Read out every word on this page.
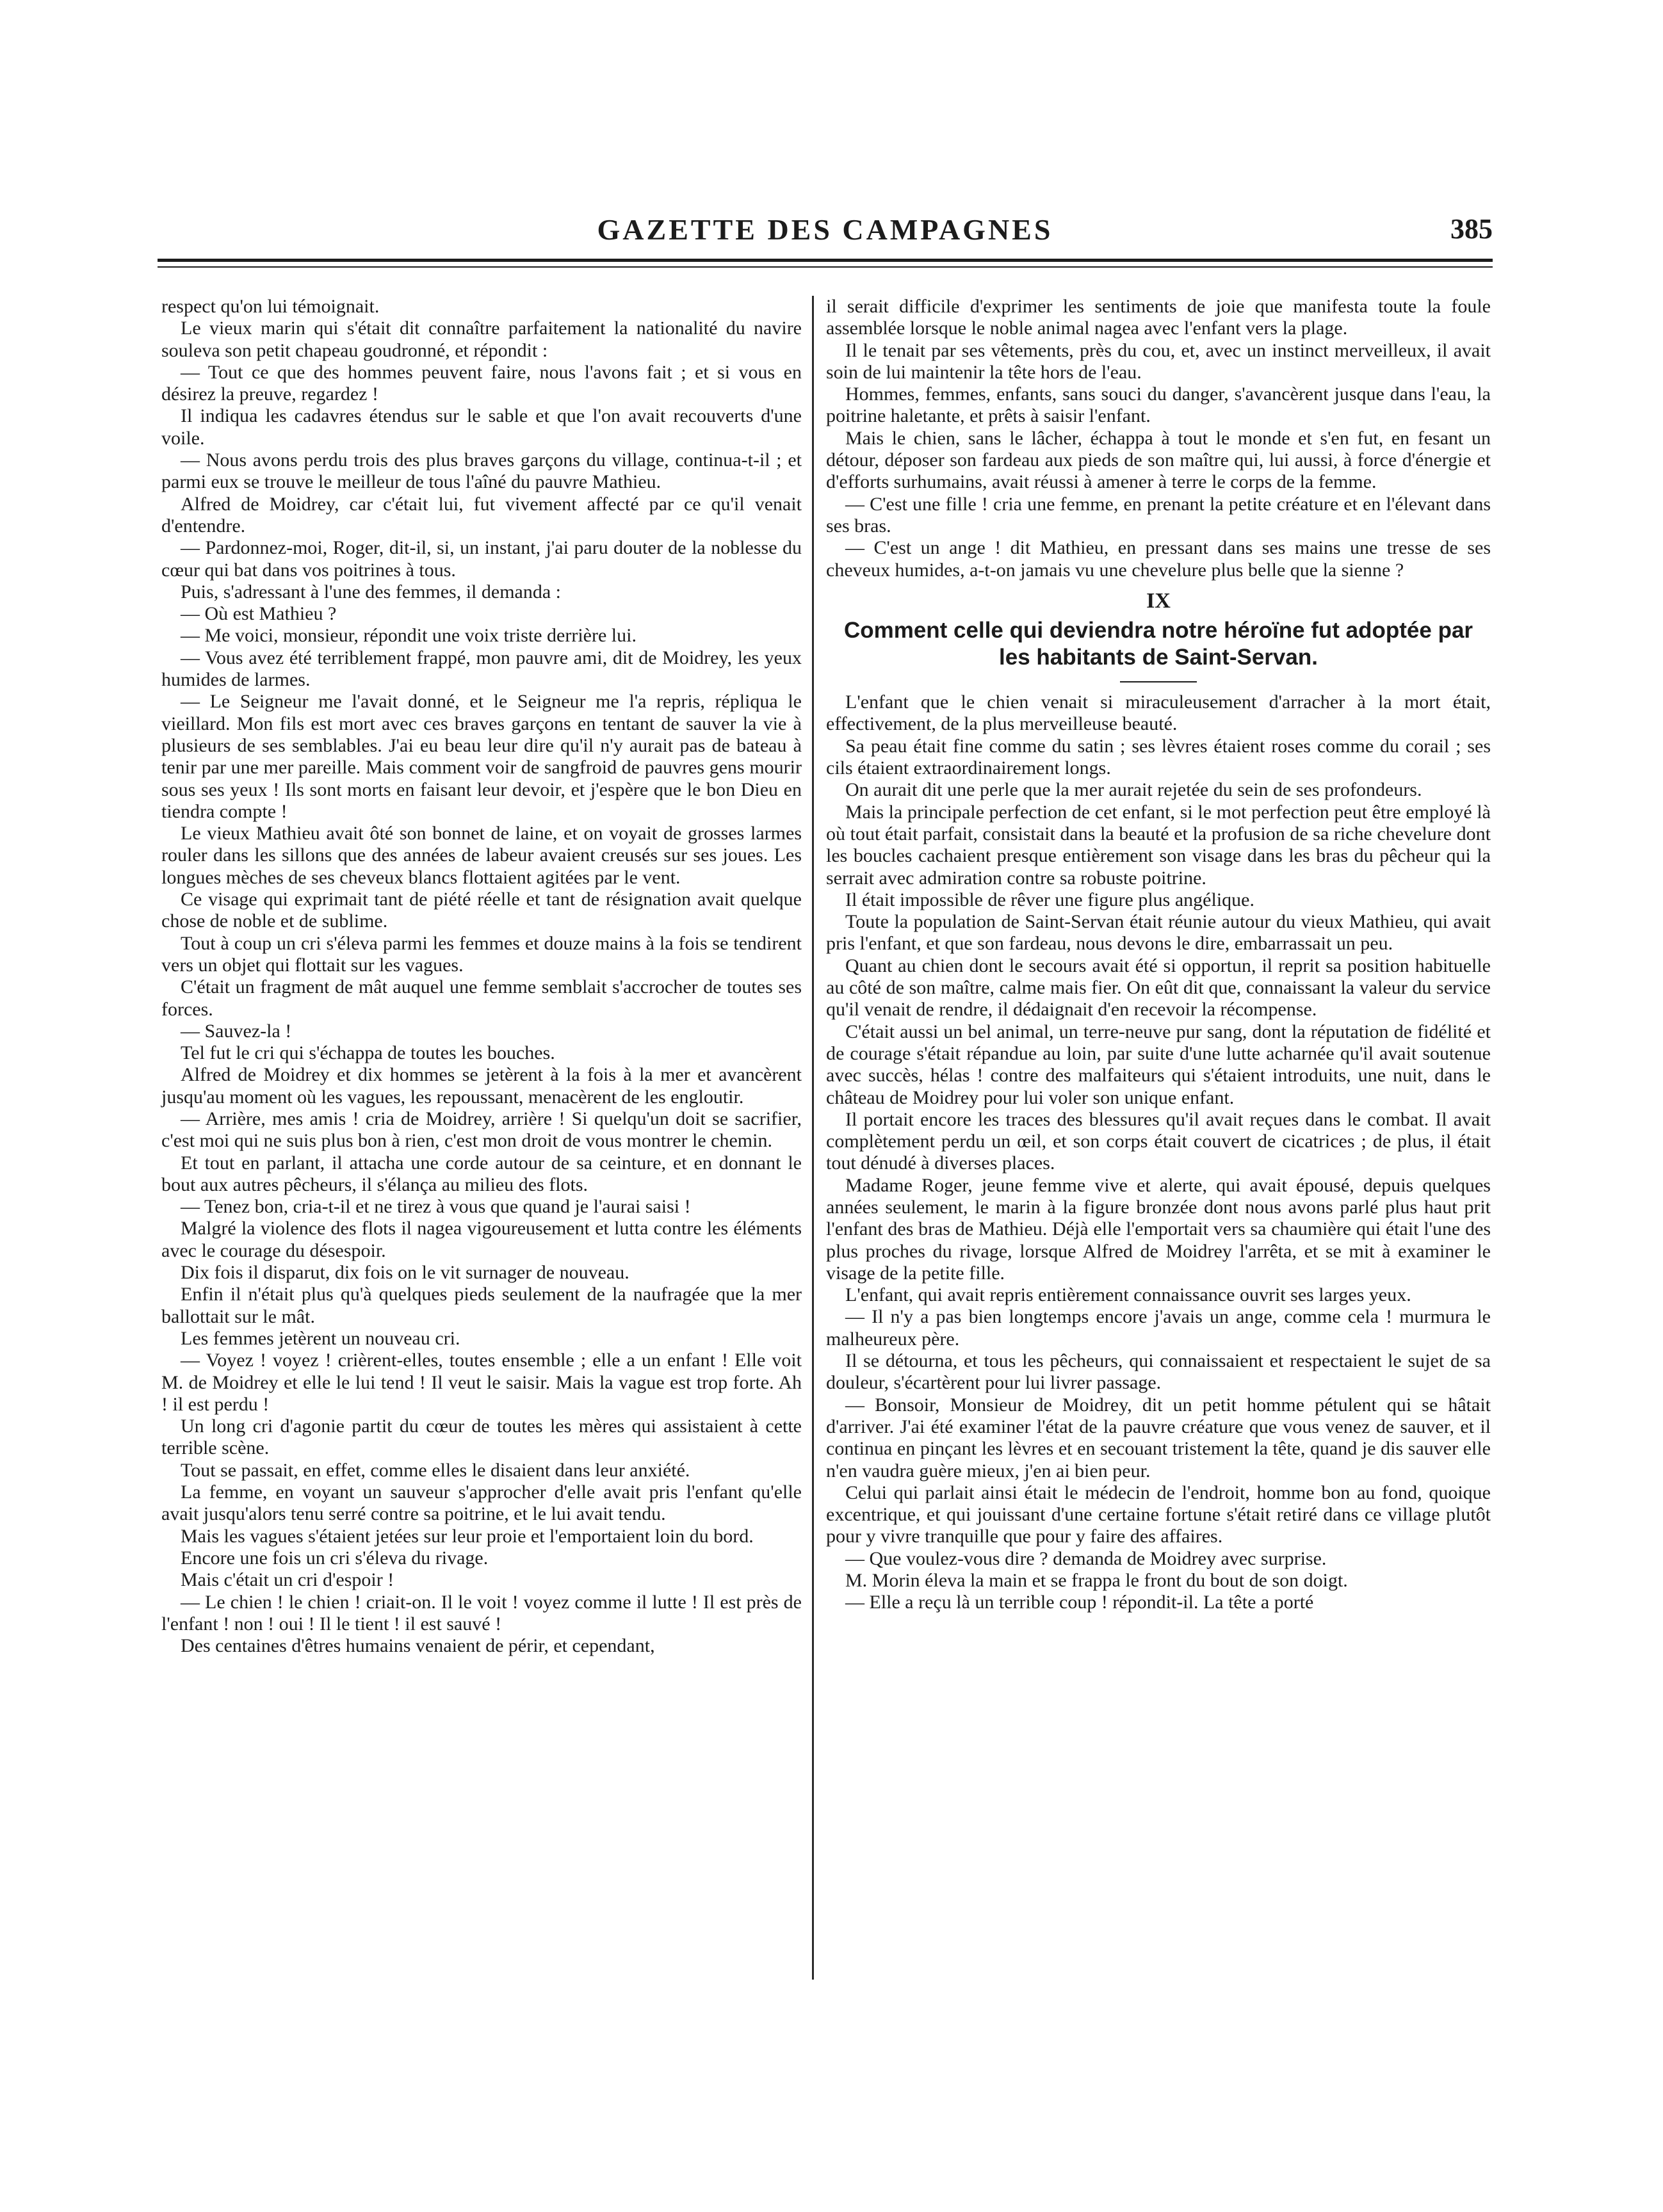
GAZETTE DES CAMPAGNES	385

respect qu'on lui témoignait.

Le vieux marin qui s'était dit connaître parfaitement la nationalité du navire souleva son petit chapeau goudronné, et répondit :

— Tout ce que des hommes peuvent faire, nous l'avons fait ; et si vous en désirez la preuve, regardez !

Il indiqua les cadavres étendus sur le sable et que l'on avait recouverts d'une voile.

— Nous avons perdu trois des plus braves garçons du village, continua-t-il ; et parmi eux se trouve le meilleur de tous l'aîné du pauvre Mathieu.

Alfred de Moidrey, car c'était lui, fut vivement affecté par ce qu'il venait d'entendre.

— Pardonnez-moi, Roger, dit-il, si, un instant, j'ai paru douter de la noblesse du cœur qui bat dans vos poitrines à tous.

Puis, s'adressant à l'une des femmes, il demanda :

— Où est Mathieu ?

— Me voici, monsieur, répondit une voix triste derrière lui.

— Vous avez été terriblement frappé, mon pauvre ami, dit de Moidrey, les yeux humides de larmes.

— Le Seigneur me l'avait donné, et le Seigneur me l'a repris, répliqua le vieillard. Mon fils est mort avec ces braves garçons en tentant de sauver la vie à plusieurs de ses semblables. J'ai eu beau leur dire qu'il n'y aurait pas de bateau à tenir par une mer pareille. Mais comment voir de sangfroid de pauvres gens mourir sous ses yeux ! Ils sont morts en faisant leur devoir, et j'espère que le bon Dieu en tiendra compte !

Le vieux Mathieu avait ôté son bonnet de laine, et on voyait de grosses larmes rouler dans les sillons que des années de labeur avaient creusés sur ses joues. Les longues mèches de ses cheveux blancs flottaient agitées par le vent.

Ce visage qui exprimait tant de piété réelle et tant de résignation avait quelque chose de noble et de sublime.

Tout à coup un cri s'éleva parmi les femmes et douze mains à la fois se tendirent vers un objet qui flottait sur les vagues.

C'était un fragment de mât auquel une femme semblait s'accrocher de toutes ses forces.

— Sauvez-la !

Tel fut le cri qui s'échappa de toutes les bouches.

Alfred de Moidrey et dix hommes se jetèrent à la fois à la mer et avancèrent jusqu'au moment où les vagues, les repoussant, menacèrent de les engloutir.

— Arrière, mes amis ! cria de Moidrey, arrière ! Si quelqu'un doit se sacrifier, c'est moi qui ne suis plus bon à rien, c'est mon droit de vous montrer le chemin.

Et tout en parlant, il attacha une corde autour de sa ceinture, et en donnant le bout aux autres pêcheurs, il s'élança au milieu des flots.

— Tenez bon, cria-t-il et ne tirez à vous que quand je l'aurai saisi !

Malgré la violence des flots il nagea vigoureusement et lutta contre les éléments avec le courage du désespoir.

Dix fois il disparut, dix fois on le vit surnager de nouveau.

Enfin il n'était plus qu'à quelques pieds seulement de la naufragée que la mer ballottait sur le mât.

Les femmes jetèrent un nouveau cri.

— Voyez ! voyez ! crièrent-elles, toutes ensemble ; elle a un enfant ! Elle voit M. de Moidrey et elle le lui tend ! Il veut le saisir. Mais la vague est trop forte. Ah ! il est perdu !

Un long cri d'agonie partit du cœur de toutes les mères qui assistaient à cette terrible scène.

Tout se passait, en effet, comme elles le disaient dans leur anxiété.

La femme, en voyant un sauveur s'approcher d'elle avait pris l'enfant qu'elle avait jusqu'alors tenu serré contre sa poitrine, et le lui avait tendu.

Mais les vagues s'étaient jetées sur leur proie et l'emportaient loin du bord.

Encore une fois un cri s'éleva du rivage.

Mais c'était un cri d'espoir !

— Le chien ! le chien ! criait-on. Il le voit ! voyez comme il lutte ! Il est près de l'enfant ! non ! oui ! Il le tient ! il est sauvé !

Des centaines d'êtres humains venaient de périr, et cependant,

il serait difficile d'exprimer les sentiments de joie que manifesta toute la foule assemblée lorsque le noble animal nagea avec l'enfant vers la plage.

Il le tenait par ses vêtements, près du cou, et, avec un instinct merveilleux, il avait soin de lui maintenir la tête hors de l'eau.

Hommes, femmes, enfants, sans souci du danger, s'avancèrent jusque dans l'eau, la poitrine haletante, et prêts à saisir l'enfant.

Mais le chien, sans le lâcher, échappa à tout le monde et s'en fut, en fesant un détour, déposer son fardeau aux pieds de son maître qui, lui aussi, à force d'énergie et d'efforts surhumains, avait réussi à amener à terre le corps de la femme.

— C'est une fille ! cria une femme, en prenant la petite créature et en l'élevant dans ses bras.

— C'est un ange ! dit Mathieu, en pressant dans ses mains une tresse de ses cheveux humides, a-t-on jamais vu une chevelure plus belle que la sienne ?

IX
Comment celle qui deviendra notre héroïne fut adoptée par les habitants de Saint-Servan.

L'enfant que le chien venait si miraculeusement d'arracher à la mort était, effectivement, de la plus merveilleuse beauté.

Sa peau était fine comme du satin ; ses lèvres étaient roses comme du corail ; ses cils étaient extraordinairement longs.

On aurait dit une perle que la mer aurait rejetée du sein de ses profondeurs.

Mais la principale perfection de cet enfant, si le mot perfection peut être employé là où tout était parfait, consistait dans la beauté et la profusion de sa riche chevelure dont les boucles cachaient presque entièrement son visage dans les bras du pêcheur qui la serrait avec admiration contre sa robuste poitrine.

Il était impossible de rêver une figure plus angélique.

Toute la population de Saint-Servan était réunie autour du vieux Mathieu, qui avait pris l'enfant, et que son fardeau, nous devons le dire, embarrassait un peu.

Quant au chien dont le secours avait été si opportun, il reprit sa position habituelle au côté de son maître, calme mais fier. On eût dit que, connaissant la valeur du service qu'il venait de rendre, il dédaignait d'en recevoir la récompense.

C'était aussi un bel animal, un terre-neuve pur sang, dont la réputation de fidélité et de courage s'était répandue au loin, par suite d'une lutte acharnée qu'il avait soutenue avec succès, hélas ! contre des malfaiteurs qui s'étaient introduits, une nuit, dans le château de Moidrey pour lui voler son unique enfant.

Il portait encore les traces des blessures qu'il avait reçues dans le combat. Il avait complètement perdu un œil, et son corps était couvert de cicatrices ; de plus, il était tout dénudé à diverses places.

Madame Roger, jeune femme vive et alerte, qui avait épousé, depuis quelques années seulement, le marin à la figure bronzée dont nous avons parlé plus haut prit l'enfant des bras de Mathieu. Déjà elle l'emportait vers sa chaumière qui était l'une des plus proches du rivage, lorsque Alfred de Moidrey l'arrêta, et se mit à examiner le visage de la petite fille.

L'enfant, qui avait repris entièrement connaissance ouvrit ses larges yeux.

— Il n'y a pas bien longtemps encore j'avais un ange, comme cela ! murmura le malheureux père.

Il se détourna, et tous les pêcheurs, qui connaissaient et respectaient le sujet de sa douleur, s'écartèrent pour lui livrer passage.

— Bonsoir, Monsieur de Moidrey, dit un petit homme pétulent qui se hâtait d'arriver. J'ai été examiner l'état de la pauvre créature que vous venez de sauver, et il continua en pinçant les lèvres et en secouant tristement la tête, quand je dis sauver elle n'en vaudra guère mieux, j'en ai bien peur.

Celui qui parlait ainsi était le médecin de l'endroit, homme bon au fond, quoique excentrique, et qui jouissant d'une certaine fortune s'était retiré dans ce village plutôt pour y vivre tranquille que pour y faire des affaires.

— Que voulez-vous dire ? demanda de Moidrey avec surprise.

M. Morin éleva la main et se frappa le front du bout de son doigt.

— Elle a reçu là un terrible coup ! répondit-il. La tête a porté
